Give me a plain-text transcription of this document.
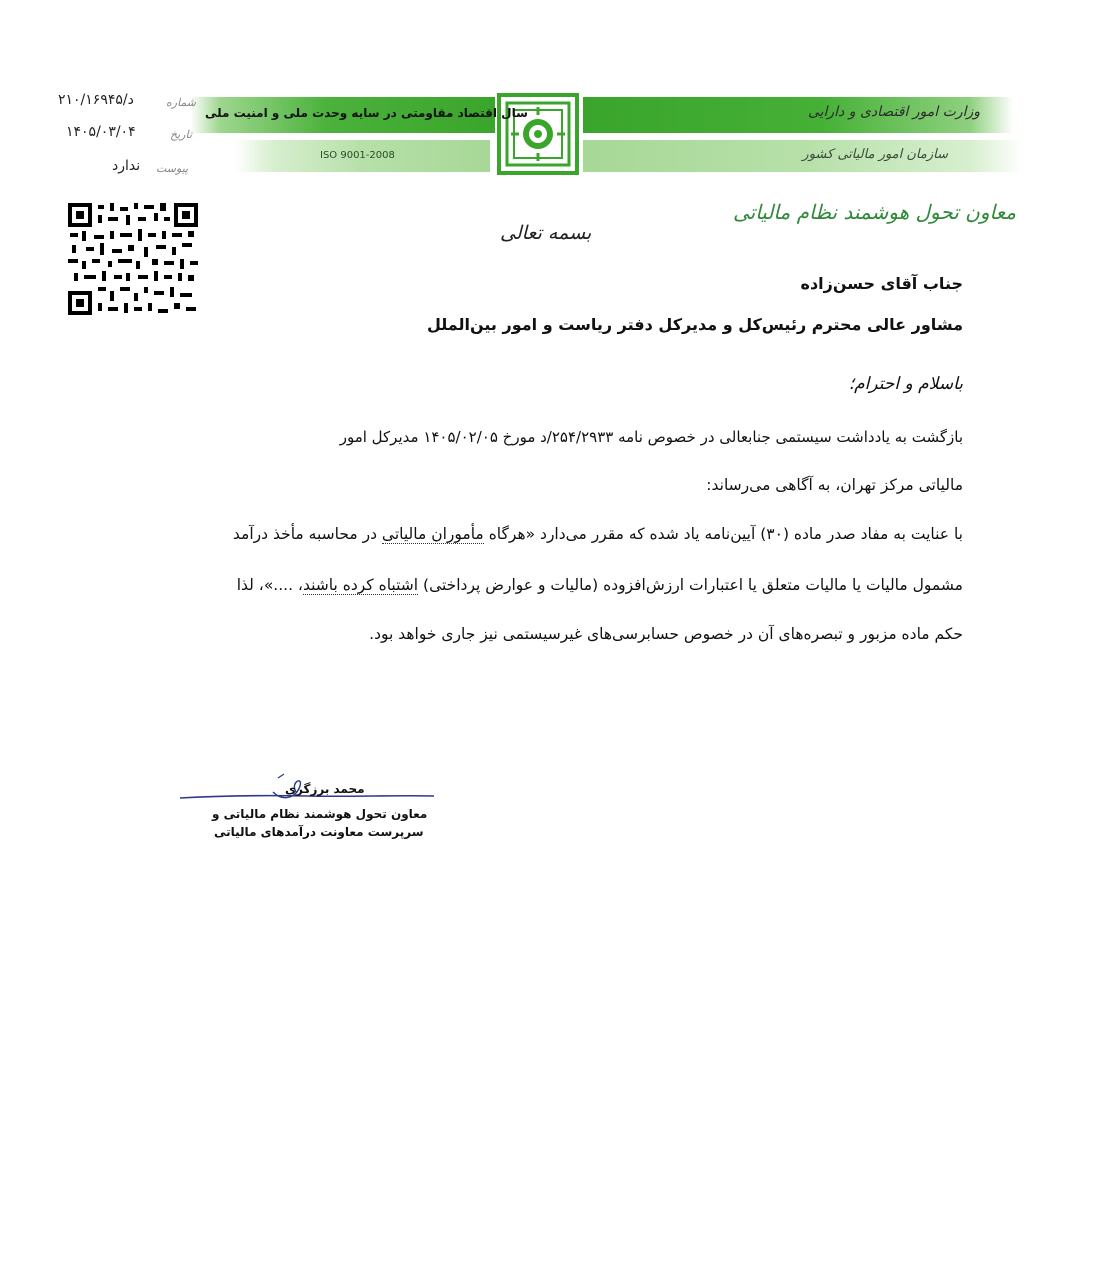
سال اقتصاد مقاومتی در سایه وحدت ملی و امنیت ملی
ISO 9001-2008
وزارت امور اقتصادی و دارایی
سازمان امور مالیاتی کشور
شماره
د/۲۱۰/۱۶۹۴۵
تاریخ
۱۴۰۵/۰۳/۰۴
پیوست
ندارد
معاون تحول هوشمند نظام مالیاتی
بسمه تعالی
جناب آقای حسن‌زاده
مشاور عالی محترم رئیس‌کل و مدیرکل دفتر ریاست و امور بین‌الملل
باسلام و احترام؛
بازگشت به یادداشت سیستمی جنابعالی در خصوص نامه ۲۵۴/۲۹۳۳/د مورخ ۱۴۰۵/۰۲/۰۵ مدیرکل امور
مالیاتی مرکز تهران، به آگاهی می‌رساند:
با عنایت به مفاد صدر ماده (۳۰) آیین‌نامه یاد شده که مقرر می‌دارد «هرگاه مأموران مالیاتی در محاسبه مأخذ درآمد
مشمول مالیات یا مالیات متعلق یا اعتبارات ارزش‌افزوده (مالیات و عوارض پرداختی) اشتباه کرده باشند، ....»، لذا
حکم ماده مزبور و تبصره‌های آن در خصوص حسابرسی‌های غیرسیستمی نیز جاری خواهد بود.
محمد برزگری
معاون تحول هوشمند نظام مالیاتی و
سرپرست معاونت درآمدهای مالیاتی
